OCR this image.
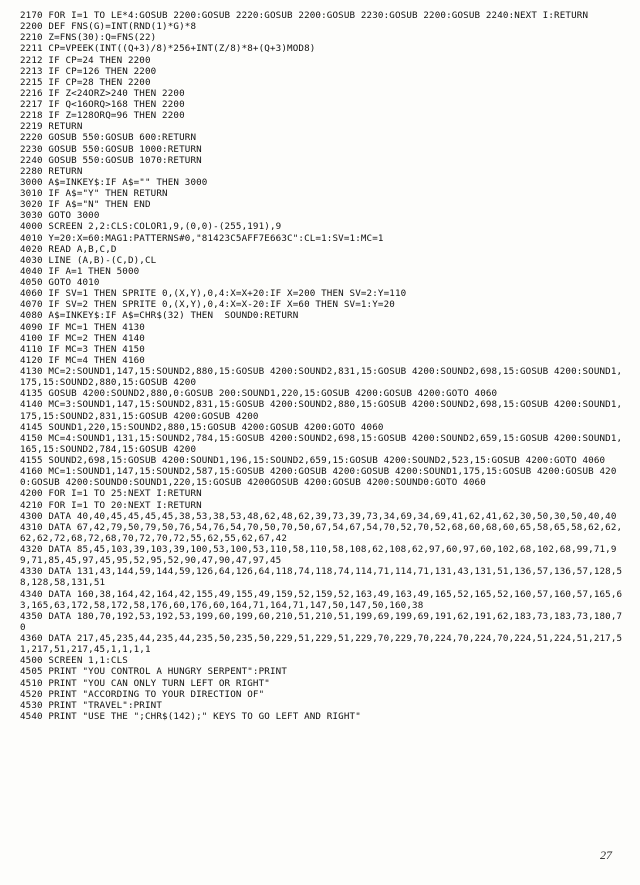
2170 FOR I=1 TO LE*4:GOSUB 2200:GOSUB 2220:GOSUB 2200:GOSUB 2230:GOSUB 2200:GOSUB 2240:NEXT I:RETURN
2200 DEF FNS(G)=INT(RND(1)*G)*8
2210 Z=FNS(30):Q=FNS(22)
2211 CP=VPEEK(INT((Q+3)/8)*256+INT(Z/8)*8+(Q+3)MOD8)
2212 IF CP=24 THEN 2200
2213 IF CP=126 THEN 2200
2215 IF CP=28 THEN 2200
2216 IF Z<24ORZ>240 THEN 2200
2217 IF Q<16ORQ>168 THEN 2200
2218 IF Z=128ORQ=96 THEN 2200
2219 RETURN
2220 GOSUB 550:GOSUB 600:RETURN
2230 GOSUB 550:GOSUB 1000:RETURN
2240 GOSUB 550:GOSUB 1070:RETURN
2280 RETURN
3000 A$=INKEY$:IF A$="" THEN 3000
3010 IF A$="Y" THEN RETURN
3020 IF A$="N" THEN END
3030 GOTO 3000
4000 SCREEN 2,2:CLS:COLOR1,9,(0,0)-(255,191),9
4010 Y=20:X=60:MAG1:PATTERNS#0,"81423C5AFF7E663C":CL=1:SV=1:MC=1
4020 READ A,B,C,D
4030 LINE (A,B)-(C,D),CL
4040 IF A=1 THEN 5000
4050 GOTO 4010
4060 IF SV=1 THEN SPRITE 0,(X,Y),0,4:X=X+20:IF X=200 THEN SV=2:Y=110
4070 IF SV=2 THEN SPRITE 0,(X,Y),0,4:X=X-20:IF X=60 THEN SV=1:Y=20
4080 A$=INKEY$:IF A$=CHR$(32) THEN  SOUND0:RETURN
4090 IF MC=1 THEN 4130
4100 IF MC=2 THEN 4140
4110 IF MC=3 THEN 4150
4120 IF MC=4 THEN 4160
4130 MC=2:SOUND1,147,15:SOUND2,880,15:GOSUB 4200:SOUND2,831,15:GOSUB 4200:SOUND2,698,15:GOSUB 4200:SOUND1,175,15:SOUND2,880,15:GOSUB 4200
4135 GOSUB 4200:SOUND2,880,0:GOSUB 200:SOUND1,220,15:GOSUB 4200:GOSUB 4200:GOTO 4060
4140 MC=3:SOUND1,147,15:SOUND2,831,15:GOSUB 4200:SOUND2,880,15:GOSUB 4200:SOUND2,698,15:GOSUB 4200:SOUND1,175,15:SOUND2,831,15:GOSUB 4200:GOSUB 4200
4145 SOUND1,220,15:SOUND2,880,15:GOSUB 4200:GOSUB 4200:GOTO 4060
4150 MC=4:SOUND1,131,15:SOUND2,784,15:GOSUB 4200:SOUND2,698,15:GOSUB 4200:SOUND2,659,15:GOSUB 4200:SOUND1,165,15:SOUND2,784,15:GOSUB 4200
4155 SOUND2,698,15:GOSUB 4200:SOUND1,196,15:SOUND2,659,15:GOSUB 4200:SOUND2,523,15:GOSUB 4200:GOTO 4060
4160 MC=1:SOUND1,147,15:SOUND2,587,15:GOSUB 4200:GOSUB 4200:GOSUB 4200:SOUND1,175,15:GOSUB 4200:GOSUB 4200:GOSUB 4200:SOUND0:SOUND1,220,15:GOSUB 4200GOSUB 4200:GOSUB 4200:SOUND0:GOTO 4060
4200 FOR I=1 TO 25:NEXT I:RETURN
4210 FOR I=1 TO 20:NEXT I:RETURN
4300 DATA 40,40,45,45,45,45,38,53,38,53,48,62,48,62,39,73,39,73,34,69,34,69,41,62,41,62,30,50,30,50,40,40
4310 DATA 67,42,79,50,79,50,76,54,76,54,70,50,70,50,67,54,67,54,70,52,70,52,68,60,68,60,65,58,65,58,62,62,62,62,72,68,72,68,70,72,70,72,55,62,55,62,67,42
4320 DATA 85,45,103,39,103,39,100,53,100,53,110,58,110,58,108,62,108,62,97,60,97,60,102,68,102,68,99,71,99,71,85,45,97,45,95,52,95,52,90,47,90,47,97,45
4330 DATA 131,43,144,59,144,59,126,64,126,64,118,74,118,74,114,71,114,71,131,43,131,51,136,57,136,57,128,58,128,58,131,51
4340 DATA 160,38,164,42,164,42,155,49,155,49,159,52,159,52,163,49,163,49,165,52,165,52,160,57,160,57,165,63,165,63,172,58,172,58,176,60,176,60,164,71,164,71,147,50,147,50,160,38
4350 DATA 180,70,192,53,192,53,199,60,199,60,210,51,210,51,199,69,199,69,191,62,191,62,183,73,183,73,180,70
4360 DATA 217,45,235,44,235,44,235,50,235,50,229,51,229,51,229,70,229,70,224,70,224,70,224,51,224,51,217,51,217,51,217,45,1,1,1,1
4500 SCREEN 1,1:CLS
4505 PRINT "YOU CONTROL A HUNGRY SERPENT":PRINT
4510 PRINT "YOU CAN ONLY TURN LEFT OR RIGHT"
4520 PRINT "ACCORDING TO YOUR DIRECTION OF"
4530 PRINT "TRAVEL":PRINT
4540 PRINT "USE THE ";CHR$(142);" KEYS TO GO LEFT AND RIGHT"
27
